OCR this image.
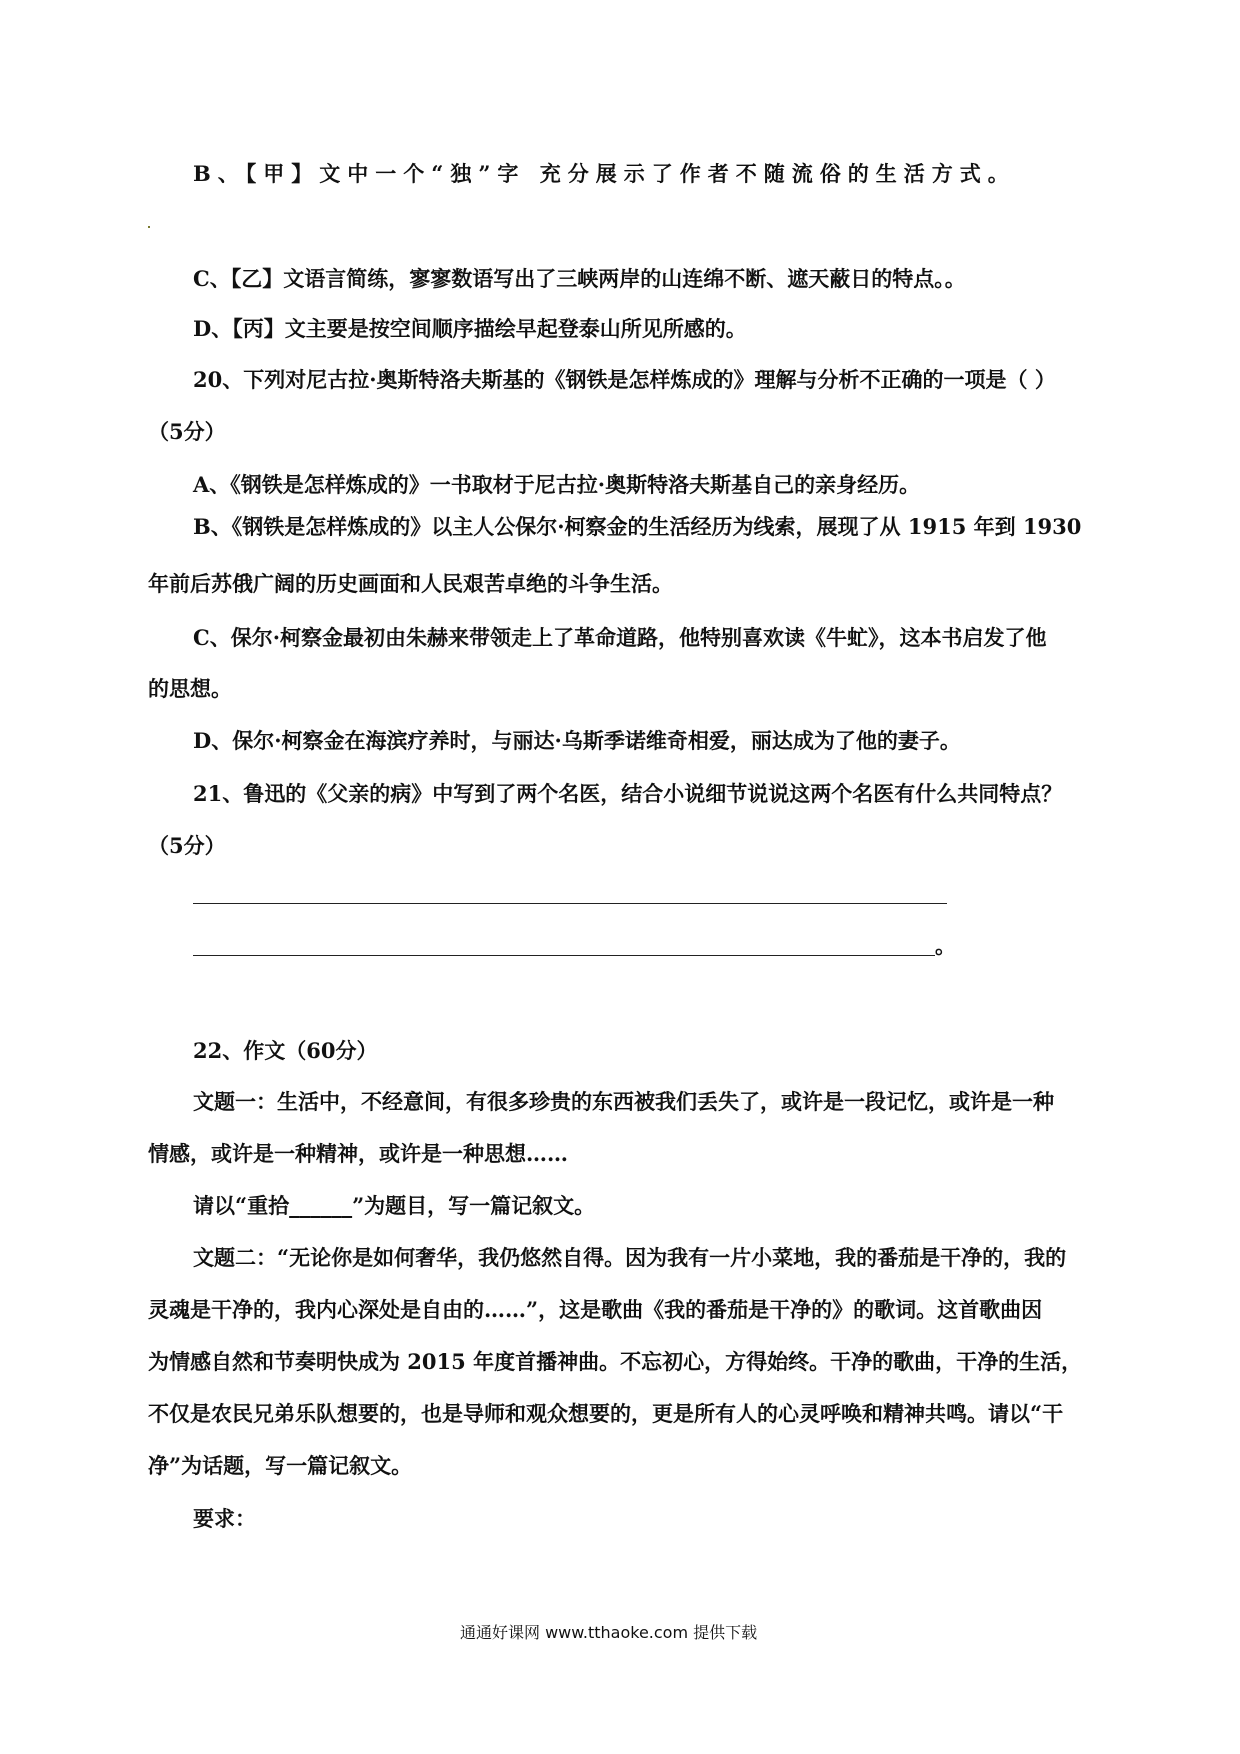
B、【甲】文中一个“独”字 充分展示了作者不随流俗的生活方式。
C、【乙】文语言简练，寥寥数语写出了三峡两岸的山连绵不断、遮天蔽日的特点。。
D、【丙】文主要是按空间顺序描绘早起登泰山所见所感的。
20、下列对尼古拉·奥斯特洛夫斯基的《钢铁是怎样炼成的》理解与分析不正确的一项是（ ）
（5分）
A、《钢铁是怎样炼成的》一书取材于尼古拉·奥斯特洛夫斯基自己的亲身经历。
B、《钢铁是怎样炼成的》以主人公保尔·柯察金的生活经历为线索，展现了从 1915 年到 1930
年前后苏俄广阔的历史画面和人民艰苦卓绝的斗争生活。
C、保尔·柯察金最初由朱赫来带领走上了革命道路，他特别喜欢读《牛虻》，这本书启发了他
的思想。
D、保尔·柯察金在海滨疗养时，与丽达·乌斯季诺维奇相爱，丽达成为了他的妻子。
21、鲁迅的《父亲的病》中写到了两个名医，结合小说细节说说这两个名医有什么共同特点？
（5分）
。
22、作文（60分）
文题一：生活中，不经意间，有很多珍贵的东西被我们丢失了，或许是一段记忆，或许是一种
情感，或许是一种精神，或许是一种思想……
请以“重拾______”为题目，写一篇记叙文。
文题二：“无论你是如何奢华，我仍悠然自得。因为我有一片小菜地，我的番茄是干净的，我的
灵魂是干净的，我内心深处是自由的……”，这是歌曲《我的番茄是干净的》的歌词。这首歌曲因
为情感自然和节奏明快成为 2015 年度首播神曲。不忘初心，方得始终。干净的歌曲，干净的生活，
不仅是农民兄弟乐队想要的，也是导师和观众想要的，更是所有人的心灵呼唤和精神共鸣。请以“干
净”为话题，写一篇记叙文。
要求：
通通好课网 www.tthaoke.com 提供下载
